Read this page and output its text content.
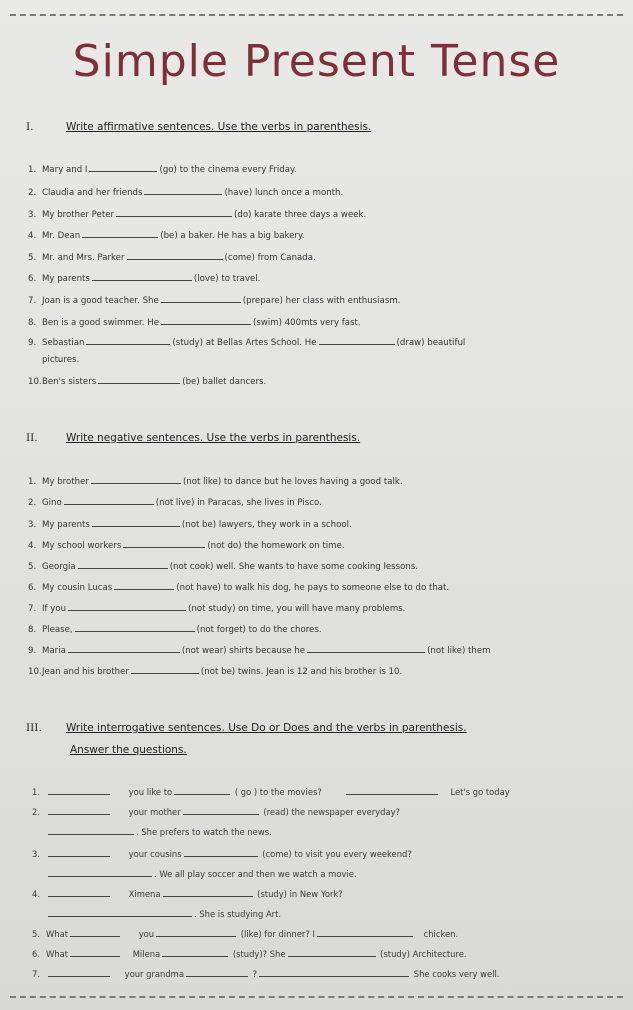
Simple Present Tense
I.	Write affirmative sentences. Use the verbs in parenthesis.
1. Mary and I	(go) to the cinema every Friday.
2. Claudia and her friends	(have) lunch once a month.
3. My brother Peter	(do) karate three days a week.
4. Mr. Dean	(be) a baker. He has a big bakery.
5. Mr. and Mrs. Parker	(come) from Canada.
6. My parents	(love) to travel.
7. Joan is a good teacher. She	(prepare) her class with enthusiasm.
8. Ben is a good swimmer. He	(swim) 400mts very fast.
9. Sebastian	(study) at Bellas Artes School. He	(draw) beautiful
pictures.
10.Ben's sisters	(be) ballet dancers.
II.	Write negative sentences. Use the verbs in parenthesis.
1. My brother	(not like) to dance but he loves having a good talk.
2. Gino	(not live) in Paracas, she lives in Pisco.
3. My parents	(not be) lawyers, they work in a school.
4. My school workers	(not do) the homework on time.
5. Georgia	(not cook) well. She wants to have some cooking lessons.
6. My cousin Lucas	(not have) to walk his dog, he pays to someone else to do that.
7. If you	(not study) on time, you will have many problems.
8. Please,	(not forget) to do the chores.
9. Maria	(not wear) shirts because he	(not like) them
10.Jean and his brother	(not be) twins. Jean is 12 and his brother is 10.
III. Write interrogative sentences. Use Do or Does and the verbs in parenthesis.
Answer the questions.
1.	you like to	( go ) to the movies?	Let's go today
2.	your mother	(read) the newspaper everyday?
. She prefers to watch the news.
3.	your cousins	(come) to visit you every weekend?
. We all play soccer and then we watch a movie.
4.	Ximena	(study) in New York?
. She is studying Art.
5. What	you	(like) for dinner? I	chicken.
6. What	Milena	(study)? She	(study) Architecture.
7.	your grandma	?	She cooks very well.
